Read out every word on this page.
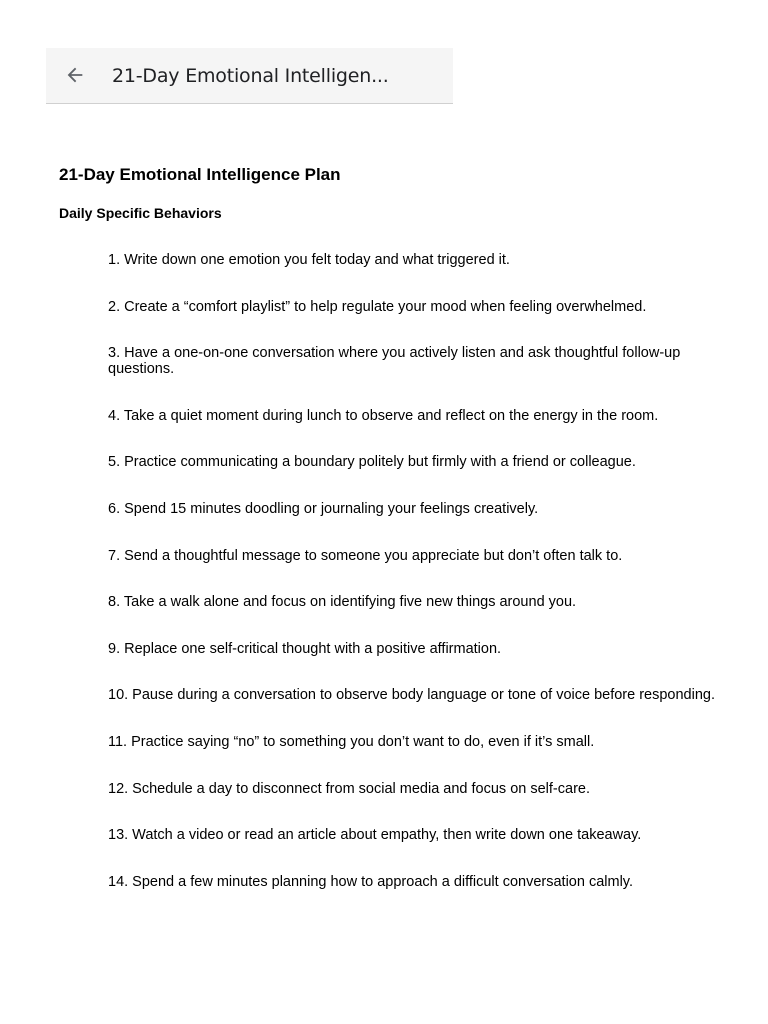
21-Day Emotional Intelligen...
21-Day Emotional Intelligence Plan
Daily Specific Behaviors
1. Write down one emotion you felt today and what triggered it.
2. Create a “comfort playlist” to help regulate your mood when feeling overwhelmed.
3. Have a one-on-one conversation where you actively listen and ask thoughtful follow-up questions.
4. Take a quiet moment during lunch to observe and reflect on the energy in the room.
5. Practice communicating a boundary politely but firmly with a friend or colleague.
6. Spend 15 minutes doodling or journaling your feelings creatively.
7. Send a thoughtful message to someone you appreciate but don’t often talk to.
8. Take a walk alone and focus on identifying five new things around you.
9. Replace one self-critical thought with a positive affirmation.
10. Pause during a conversation to observe body language or tone of voice before responding.
11. Practice saying “no” to something you don’t want to do, even if it’s small.
12. Schedule a day to disconnect from social media and focus on self-care.
13. Watch a video or read an article about empathy, then write down one takeaway.
14. Spend a few minutes planning how to approach a difficult conversation calmly.
